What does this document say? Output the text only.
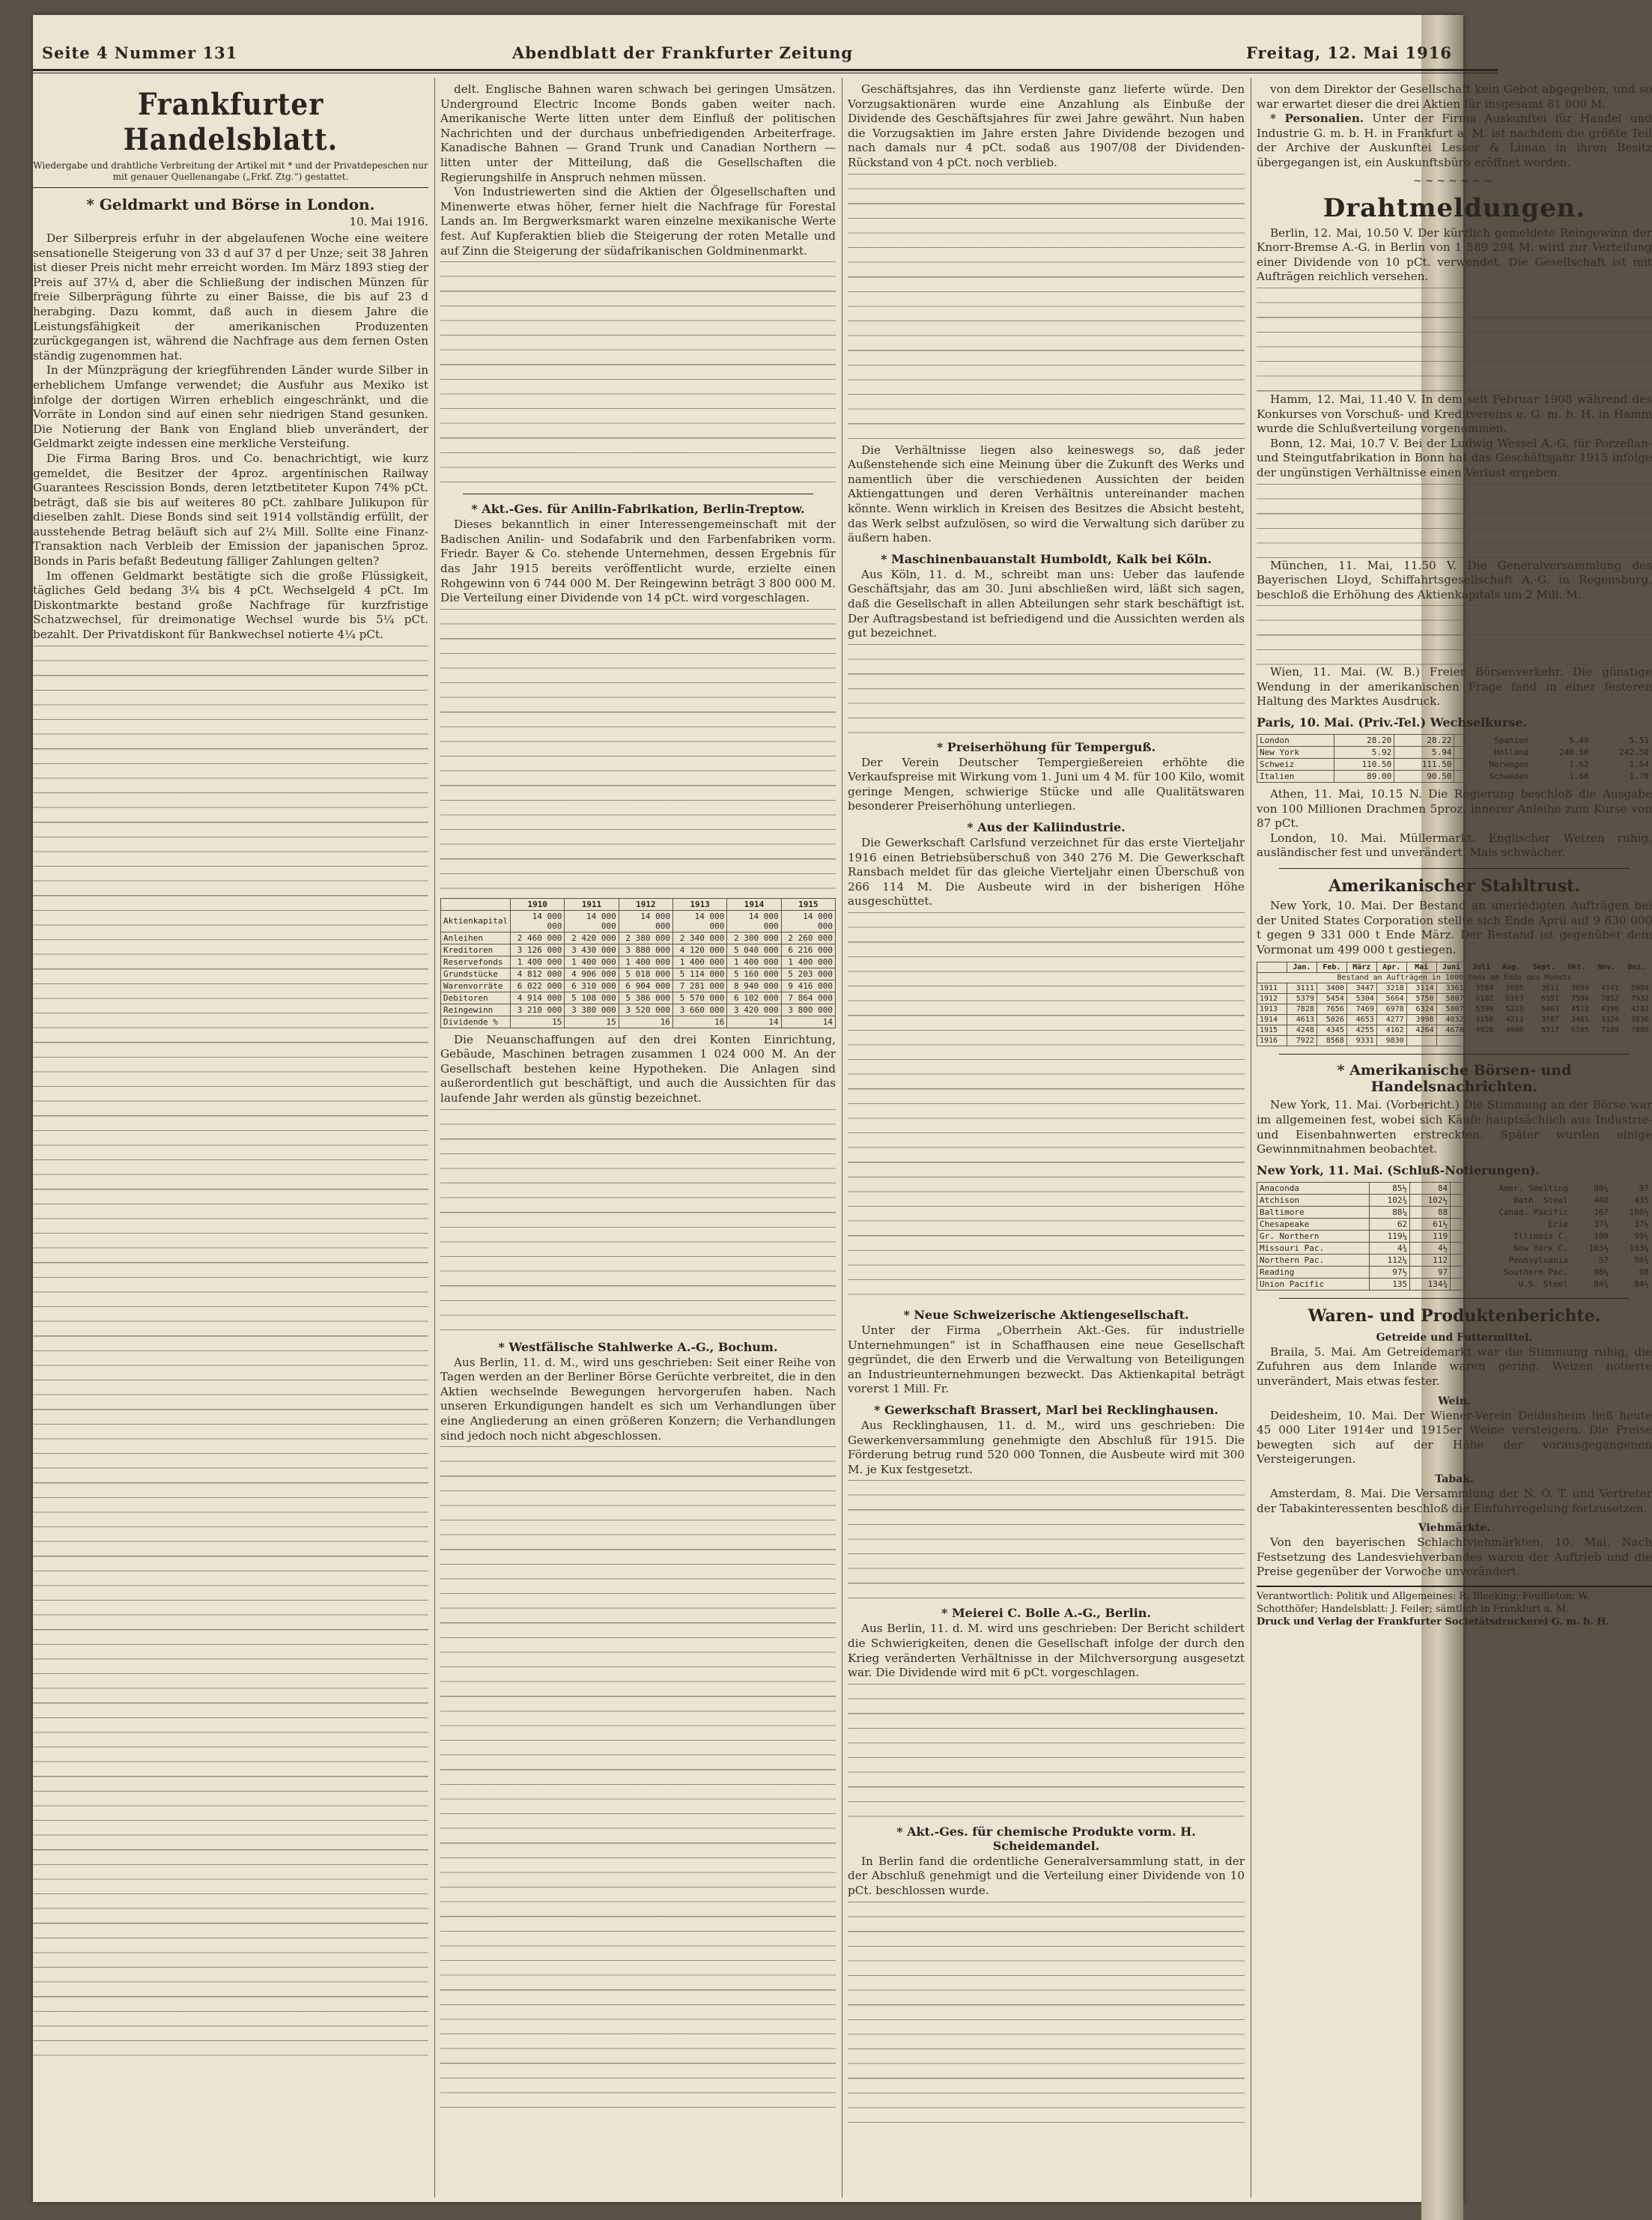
Seite 4 Nummer 131	Abendblatt der Frankfurter Zeitung	Freitag, 12. Mai 1916
Frankfurter Handelsblatt.
Wiedergabe und drahtliche Verbreitung der Artikel mit * und der Privatdepeschen nur mit genauer Quellenangabe („Frkf. Ztg.“) gestattet.
* Geldmarkt und Börse in London.
10. Mai 1916.

Der Silberpreis erfuhr in der abgelaufenen Woche eine weitere sensationelle Steigerung von 33 d auf 37 d per Unze; seit 38 Jahren ist dieser Preis nicht mehr erreicht worden. Im März 1893 stieg der Preis auf 37¼ d, aber die Schließung der indischen Münzen für freie Silberprägung führte zu einer Baisse, die bis auf 23 d herabging. Dazu kommt, daß auch in diesem Jahre die Leistungsfähigkeit der amerikanischen Produzenten zurückgegangen ist, während die Nachfrage aus dem fernen Osten ständig zugenommen hat.

In der Münzprägung der kriegführenden Länder wurde Silber in erheblichem Umfange verwendet; die Ausfuhr aus Mexiko ist infolge der dortigen Wirren erheblich eingeschränkt, und die Vorräte in London sind auf einen sehr niedrigen Stand gesunken. Die Notierung der Bank von England blieb unverändert, der Geldmarkt zeigte indessen eine merkliche Versteifung.

Die Firma Baring Bros. und Co. benachrichtigt, wie kurz gemeldet, die Besitzer der 4proz. argentinischen Railway Guarantees Rescission Bonds, deren letztbetiteter Kupon 74% pCt. beträgt, daß sie bis auf weiteres 80 pCt. zahlbare Julikupon für dieselben zahlt. Diese Bonds sind seit 1914 vollständig erfüllt, der ausstehende Betrag beläuft sich auf 2¼ Mill. Sollte eine Finanz-Transaktion nach Verbleib der Emission der japanischen 5proz. Bonds in Paris befaßt Bedeutung fälliger Zahlungen gelten?

Im offenen Geldmarkt bestätigte sich die große Flüssigkeit, tägliches Geld bedang 3¼ bis 4 pCt. Wechselgeld 4 pCt. Im Diskontmarkte bestand große Nachfrage für kurzfristige Schatzwechsel, für dreimonatige Wechsel wurde bis 5¼ pCt. bezahlt. Der Privatdiskont für Bankwechsel notierte 4¼ pCt.

delt. Englische Bahnen waren schwach bei geringen Umsätzen. Underground Electric Income Bonds gaben weiter nach. Amerikanische Werte litten unter dem Einfluß der politischen Nachrichten und der durchaus unbefriedigenden Arbeiterfrage. Kanadische Bahnen — Grand Trunk und Canadian Northern — litten unter der Mitteilung, daß die Gesellschaften die Regierungshilfe in Anspruch nehmen müssen.

Von Industriewerten sind die Aktien der Ölgesellschaften und Minenwerte etwas höher, ferner hielt die Nachfrage für Forestal Lands an. Im Bergwerksmarkt waren einzelne mexikanische Werte fest. Auf Kupferaktien blieb die Steigerung der roten Metalle und auf Zinn die Steigerung der südafrikanischen Goldminenmarkt.

* Akt.-Ges. für Anilin-Fabrikation, Berlin-Treptow.

Dieses bekanntlich in einer Interessengemeinschaft mit der Badischen Anilin- und Sodafabrik und den Farbenfabriken vorm. Friedr. Bayer & Co. stehende Unternehmen, dessen Ergebnis für das Jahr 1915 bereits veröffentlicht wurde, erzielte einen Rohgewinn von 6 744 000 M. Der Reingewinn beträgt 3 800 000 M. Die Verteilung einer Dividende von 14 pCt. wird vorgeschlagen.

	1910	1911	1912	1913	1914	1915
Aktienkapital	14 000 000	14 000 000	14 000 000	14 000 000	14 000 000	14 000 000
Anleihen	2 460 000	2 420 000	2 380 000	2 340 000	2 300 000	2 260 000
Kreditoren	3 126 000	3 430 000	3 880 000	4 120 000	5 040 000	6 216 000
Reservefonds	1 400 000	1 400 000	1 400 000	1 400 000	1 400 000	1 400 000
Grundstücke	4 812 000	4 906 000	5 018 000	5 114 000	5 160 000	5 203 000
Warenvorräte	6 022 000	6 310 000	6 904 000	7 281 000	8 940 000	9 416 000
Debitoren	4 914 000	5 108 000	5 386 000	5 570 000	6 102 000	7 864 000
Reingewinn	3 210 000	3 380 000	3 520 000	3 660 000	3 420 000	3 800 000
Dividende %	15	15	16	16	14	14

Die Neuanschaffungen auf den drei Konten Einrichtung, Gebäude, Maschinen betragen zusammen 1 024 000 M. An der Gesellschaft bestehen keine Hypotheken. Die Anlagen sind außerordentlich gut beschäftigt, und auch die Aussichten für das laufende Jahr werden als günstig bezeichnet.

* Westfälische Stahlwerke A.-G., Bochum.

Aus Berlin, 11. d. M., wird uns geschrieben: Seit einer Reihe von Tagen werden an der Berliner Börse Gerüchte verbreitet, die in den Aktien wechselnde Bewegungen hervorgerufen haben. Nach unseren Erkundigungen handelt es sich um Verhandlungen über eine Angliederung an einen größeren Konzern; die Verhandlungen sind jedoch noch nicht abgeschlossen.

Geschäftsjahres, das ihn Verdienste ganz lieferte würde. Den Vorzugsaktionären wurde eine Anzahlung als Einbuße der Dividende des Geschäftsjahres für zwei Jahre gewährt. Nun haben die Vorzugsaktien im Jahre ersten Jahre Dividende bezogen und nach damals nur 4 pCt. sodaß aus 1907/08 der Dividenden-Rückstand von 4 pCt. noch verblieb.

Die Verhältnisse liegen also keineswegs so, daß jeder Außenstehende sich eine Meinung über die Zukunft des Werks und namentlich über die verschiedenen Aussichten der beiden Aktiengattungen und deren Verhältnis untereinander machen könnte. Wenn wirklich in Kreisen des Besitzes die Absicht besteht, das Werk selbst aufzulösen, so wird die Verwaltung sich darüber zu äußern haben.

* Maschinenbauanstalt Humboldt, Kalk bei Köln.

Aus Köln, 11. d. M., schreibt man uns: Ueber das laufende Geschäftsjahr, das am 30. Juni abschließen wird, läßt sich sagen, daß die Gesellschaft in allen Abteilungen sehr stark beschäftigt ist. Der Auftragsbestand ist befriedigend und die Aussichten werden als gut bezeichnet.

* Preiserhöhung für Temperguß.

Der Verein Deutscher Tempergießereien erhöhte die Verkaufspreise mit Wirkung vom 1. Juni um 4 M. für 100 Kilo, womit geringe Mengen, schwierige Stücke und alle Qualitätswaren besonderer Preiserhöhung unterliegen.

* Aus der Kaliindustrie.

Die Gewerkschaft Carlsfund verzeichnet für das erste Vierteljahr 1916 einen Betriebsüberschuß von 340 276 M. Die Gewerkschaft Ransbach meldet für das gleiche Vierteljahr einen Überschuß von 266 114 M. Die Ausbeute wird in der bisherigen Höhe ausgeschüttet.

* Neue Schweizerische Aktiengesellschaft.

Unter der Firma „Oberrhein Akt.-Ges. für industrielle Unternehmungen“ ist in Schaffhausen eine neue Gesellschaft gegründet, die den Erwerb und die Verwaltung von Beteiligungen an Industrieunternehmungen bezweckt. Das Aktienkapital beträgt vorerst 1 Mill. Fr.

* Gewerkschaft Brassert, Marl bei Recklinghausen.

Aus Recklinghausen, 11. d. M., wird uns geschrieben: Die Gewerkenversammlung genehmigte den Abschluß für 1915. Die Förderung betrug rund 520 000 Tonnen, die Ausbeute wird mit 300 M. je Kux festgesetzt.

* Meierei C. Bolle A.-G., Berlin.

Aus Berlin, 11. d. M. wird uns geschrieben: Der Bericht schildert die Schwierigkeiten, denen die Gesellschaft infolge der durch den Krieg veränderten Verhältnisse in der Milchversorgung ausgesetzt war. Die Dividende wird mit 6 pCt. vorgeschlagen.

* Akt.-Ges. für chemische Produkte vorm. H. Scheidemandel.

In Berlin fand die ordentliche Generalversammlung statt, in der der Abschluß genehmigt und die Verteilung einer Dividende von 10 pCt. beschlossen wurde.

von dem Direktor der Gesellschaft kein Gebot abgegeben, und so war erwartet dieser die drei Aktien für insgesamt 81 000 M.

* Personalien. Unter der Firma Auskunftei für Handel und Industrie G. m. b. H. in Frankfurt a. M. ist nachdem die größte Teil der Archive der Auskunftei Lesser & Liman in ihren Besitz übergegangen ist, ein Auskunftsbüro eröffnet worden.

~~~~~~~
Drahtmeldungen.

Berlin, 12. Mai, 10.50 V. Der kürzlich gemeldete Reingewinn der Knorr-Bremse A.-G. in Berlin von 1 589 294 M. wird zur Verteilung einer Dividende von 10 pCt. verwendet. Die Gesellschaft ist mit Aufträgen reichlich versehen.

Hamm, 12. Mai, 11.40 V. In dem seit Februar 1908 während des Konkurses von Vorschuß- und Kreditvereins e. G. m. b. H. in Hamm wurde die Schlußverteilung vorgenommen.

Bonn, 12. Mai, 10.7 V. Bei der Ludwig Wessel A.-G. für Porzellan- und Steingutfabrikation in Bonn hat das Geschäftsjahr 1915 infolge der ungünstigen Verhältnisse einen Verlust ergeben.

München, 11. Mai, 11.50 V. Die Generalversammlung des Bayerischen Lloyd, Schiffahrtsgesellschaft A.-G. in Regensburg, beschloß die Erhöhung des Aktienkapitals um 2 Mill. M.

Wien, 11. Mai. (W. B.) Freier Börsenverkehr. Die günstige Wendung in der amerikanischen Frage fand in einer festeren Haltung des Marktes Ausdruck.

Paris, 10. Mai. (Priv.-Tel.) Wechselkurse.
London	28.20	28.22	Spanien	5.49	5.51
New York	5.92	5.94	Holland	240.50	242.50
Schweiz	110.50	111.50	Norwegen	1.62	1.64
Italien	89.00	90.50	Schweden	1.68	1.70

Athen, 11. Mai, 10.15 N. Die Regierung beschloß die Ausgabe von 100 Millionen Drachmen 5proz. innerer Anleihe zum Kurse von 87 pCt.

London, 10. Mai. Müllermarkt. Englischer Weizen ruhig, ausländischer fest und unverändert. Mais schwächer.

Amerikanischer Stahltrust.

New York, 10. Mai. Der Bestand an unerledigten Aufträgen bei der United States Corporation stellte sich Ende April auf 9 830 000 t gegen 9 331 000 t Ende März. Der Bestand ist gegenüber dem Vormonat um 499 000 t gestiegen.

	Jan.	Feb.	März	Apr.	Mai	Juni	Juli	Aug.	Sept.	Okt.	Nov.	Dez.
Bestand an Aufträgen in 1000 tons am Ende des Monats												
1911	3111	3400	3447	3218	3114	3361	3584	3695	3611	3694	4141	5084
1912	5379	5454	5304	5664	5750	5807	6182	6163	6551	7594	7852	7932
1913	7828	7656	7469	6978	6324	5807	5399	5223	5003	4513	4396	4282
1914	4613	5026	4653	4277	3998	4032	4158	4213	3787	3461	3324	3836
1915	4248	4345	4255	4162	4264	4678	4928	4908	5317	6165	7189	7806
1916	7922	8568	9331	9830								
* Amerikanische Börsen- und Handelsnachrichten.

New York, 11. Mai. (Vorbericht.) Die Stimmung an der Börse war im allgemeinen fest, wobei sich Käufe hauptsächlich aus Industrie- und Eisenbahnwerten erstreckten. Später wurden einige Gewinnmitnahmen beobachtet.

New York, 11. Mai. (Schluß-Notierungen).
Anaconda	85½	84	Amer. Smelting	98¼	97
Atchison	102¾	102½	Beth. Steel	440	435
Baltimore	88¼	88	Canad. Pacific	167	166½
Chesapeake	62	61½	Erie	37¾	37½
Gr. Northern	119¼	119	Illinois C.	100	99½
Missouri Pac.	4¾	4½	New York C.	103½	103¼
Northern Pac.	112¼	112	Pennsylvania	57	56¾
Reading	97½	97	Southern Pac.	98¼	98
Union Pacific	135	134¾	U.S. Steel	84¾	84½
Waren- und Produktenberichte.
Getreide und Futtermittel.

Braila, 5. Mai. Am Getreidemarkt war die Stimmung ruhig; die Zufuhren aus dem Inlande waren gering. Weizen notierte unverändert, Mais etwas fester.

Wein.

Deidesheim, 10. Mai. Der Wiener-Verein Deidesheim ließ heute 45 000 Liter 1914er und 1915er Weine versteigern. Die Preise bewegten sich auf der Höhe der vorausgegangenen Versteigerungen.

Tabak.

Amsterdam, 8. Mai. Die Versammlung der N. O. T. und Vertreter der Tabakinteressenten beschloß die Einfuhrregelung fortzusetzen.

Viehmärkte.

Von den bayerischen Schlachtviehmärkten, 10. Mai. Nach Festsetzung des Landesviehverbandes waren der Auftrieb und die Preise gegenüber der Vorwoche unverändert.

Verantwortlich: Politik und Allgemeines: R. Bleeking; Feuilleton: W. Schotthöfer; Handelsblatt: J. Feiler; sämtlich in Frankfurt a. M.
Druck und Verlag der Frankfurter Societätsdruckerei G. m. b. H.
